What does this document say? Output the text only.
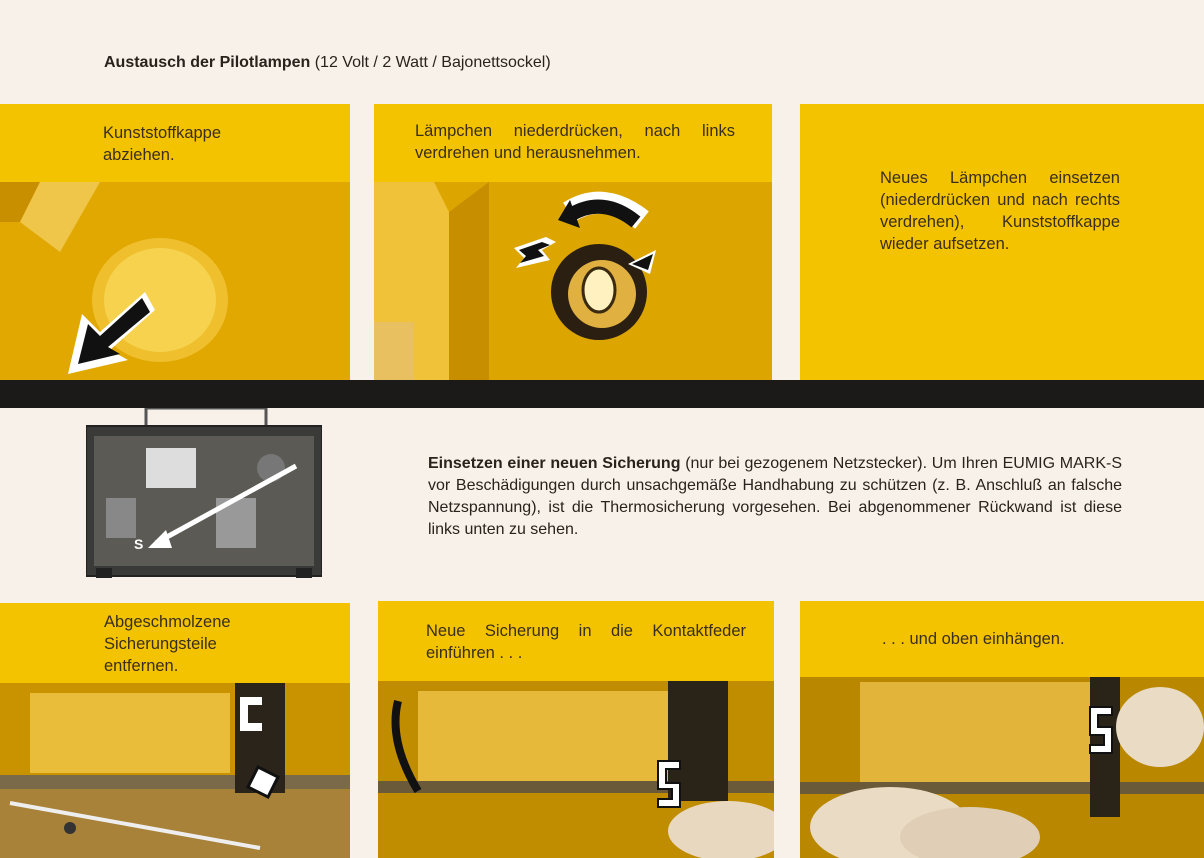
Austausch der Pilotlampen (12 Volt / 2 Watt / Bajonettsockel)
Kunststoffkappe abziehen.
Lämpchen niederdrücken, nach links verdrehen und herausnehmen.
Neues Lämpchen einsetzen (niederdrücken und nach rechts verdrehen), Kunststoffkappe wieder aufsetzen.
S
Einsetzen einer neuen Sicherung (nur bei gezogenem Netzstecker). Um Ihren EUMIG MARK-S vor Beschädigungen durch unsachgemäße Handhabung zu schützen (z. B. Anschluß an falsche Netzspannung), ist die Thermosicherung vorgesehen. Bei abgenommener Rückwand ist diese links unten zu sehen.
Abgeschmolzene Sicherungsteile entfernen.
Neue Sicherung in die Kontaktfeder einführen . . .
. . . und oben einhängen.
